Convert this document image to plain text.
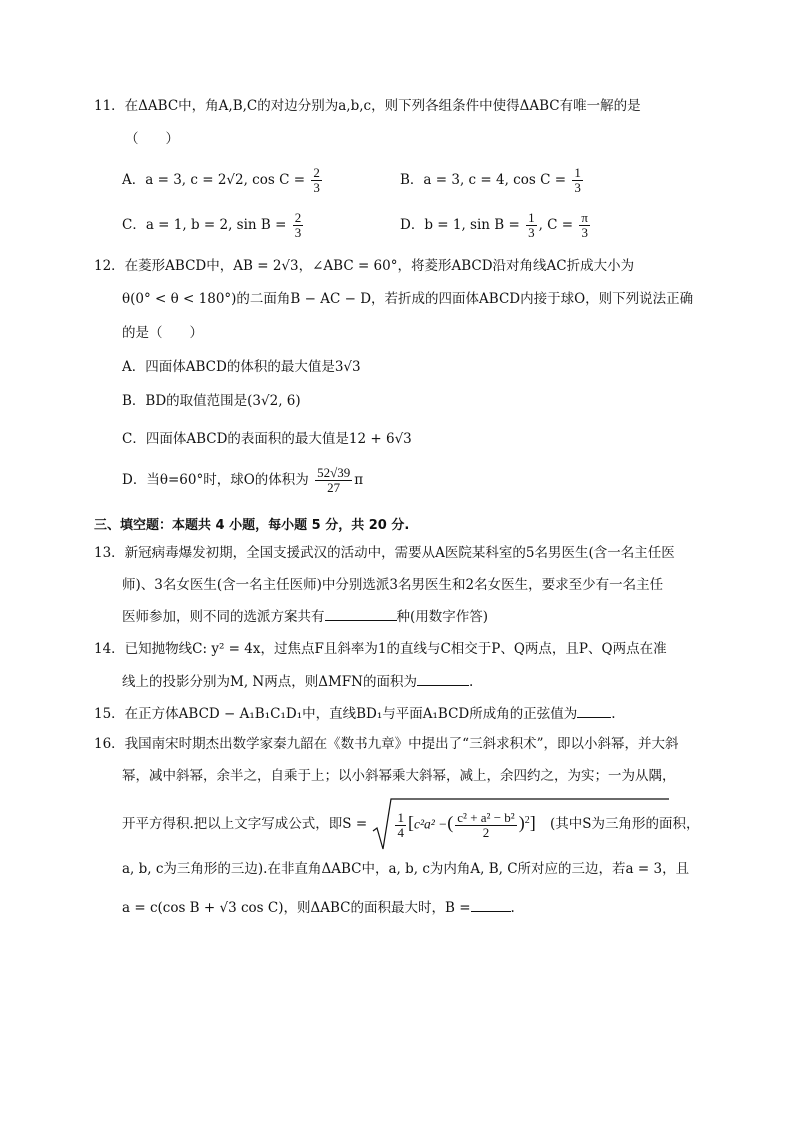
11．在ΔABC中，角A,B,C的对边分别为a,b,c，则下列各组条件中使得ΔABC有唯一解的是
（　　）
A．a = 3, c = 2√2, $\cos C = \frac{2}{3}$	B．a = 3, c = 4, $\cos C = \frac{1}{3}$
C．a = 1, b = 2, $\sin B = \frac{2}{3}$	D．b = 1, $\sin B = \frac{1}{3}$ , $C = \frac{\pi}{3}$
12．在菱形ABCD中，AB = 2√3，∠ABC = 60°，将菱形ABCD沿对角线AC折成大小为
θ(0° < θ < 180°)的二面角B − AC − D，若折成的四面体ABCD内接于球O，则下列说法正确
的是（　　）
A．四面体ABCD的体积的最大值是3√3
B．BD的取值范围是(3√2, 6)
C．四面体ABCD的表面积的最大值是12 + 6√3
D．当θ=60°时，球O的体积为 $\frac{52√39}{27}$ π
三、填空题：本题共 4 小题，每小题 5 分，共 20 分.
13．新冠病毒爆发初期，全国支援武汉的活动中，需要从A医院某科室的5名男医生(含一名主任医
师)、3名女医生(含一名主任医师)中分别选派3名男医生和2名女医生，要求至少有一名主任
医师参加，则不同的选派方案共有	种(用数字作答)
14．已知抛物线C: y² = 4x，过焦点F且斜率为1的直线与C相交于P、Q两点，且P、Q两点在准
线上的投影分别为M, N两点，则ΔMFN的面积为	.
15．在正方体ABCD − A₁B₁C₁D₁中，直线BD₁与平面A₁BCD所成角的正弦值为	.
16．我国南宋时期杰出数学家秦九韶在《数书九章》中提出了“三斜求积术”，即以小斜幂，并大斜
幂，减中斜幂，余半之，自乘于上；以小斜幂乘大斜幂，减上，余四约之，为实；一为从隅，
开平方得积.把以上文字写成公式，即$S = \frac{1}{4} [c^2a^2$ −( $\frac{\text{c² + a² − b²}}{2} )^2$] (其中S为三角形的面积，
a, b, c为三角形的三边).在非直角ΔABC中，a, b, c为内角A, B, C所对应的三边，若a = 3，且
a = c(cos B + √3 cos C)，则ΔABC的面积最大时，B =	.
